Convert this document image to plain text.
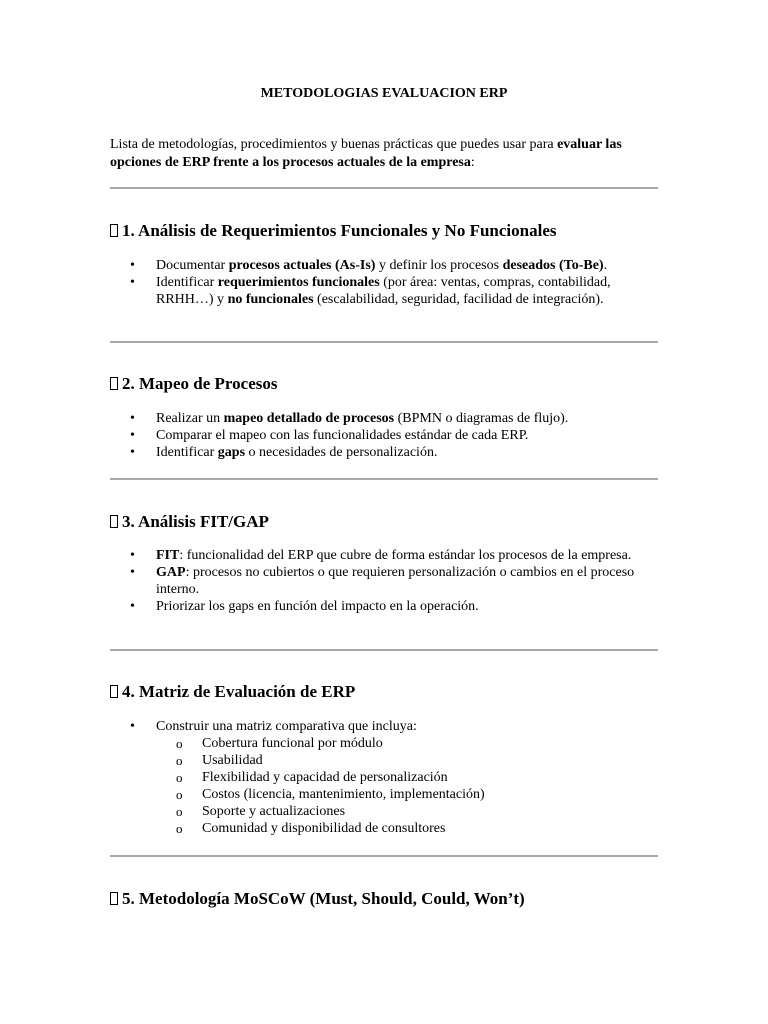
METODOLOGIAS EVALUACION ERP

Lista de metodologías, procedimientos y buenas prácticas que puedes usar para evaluar las opciones de ERP frente a los procesos actuales de la empresa:

1. Análisis de Requerimientos Funcionales y No Funcionales
• Documentar procesos actuales (As-Is) y definir los procesos deseados (To-Be).
• Identificar requerimientos funcionales (por área: ventas, compras, contabilidad, RRHH…) y no funcionales (escalabilidad, seguridad, facilidad de integración).
2. Mapeo de Procesos
• Realizar un mapeo detallado de procesos (BPMN o diagramas de flujo).
• Comparar el mapeo con las funcionalidades estándar de cada ERP.
• Identificar gaps o necesidades de personalización.
3. Análisis FIT/GAP
• FIT: funcionalidad del ERP que cubre de forma estándar los procesos de la empresa.
• GAP: procesos no cubiertos o que requieren personalización o cambios en el proceso interno.
• Priorizar los gaps en función del impacto en la operación.
4. Matriz de Evaluación de ERP
• Construir una matriz comparativa que incluya:
o Cobertura funcional por módulo
o Usabilidad
o Flexibilidad y capacidad de personalización
o Costos (licencia, mantenimiento, implementación)
o Soporte y actualizaciones
o Comunidad y disponibilidad de consultores
5. Metodología MoSCoW (Must, Should, Could, Won’t)
